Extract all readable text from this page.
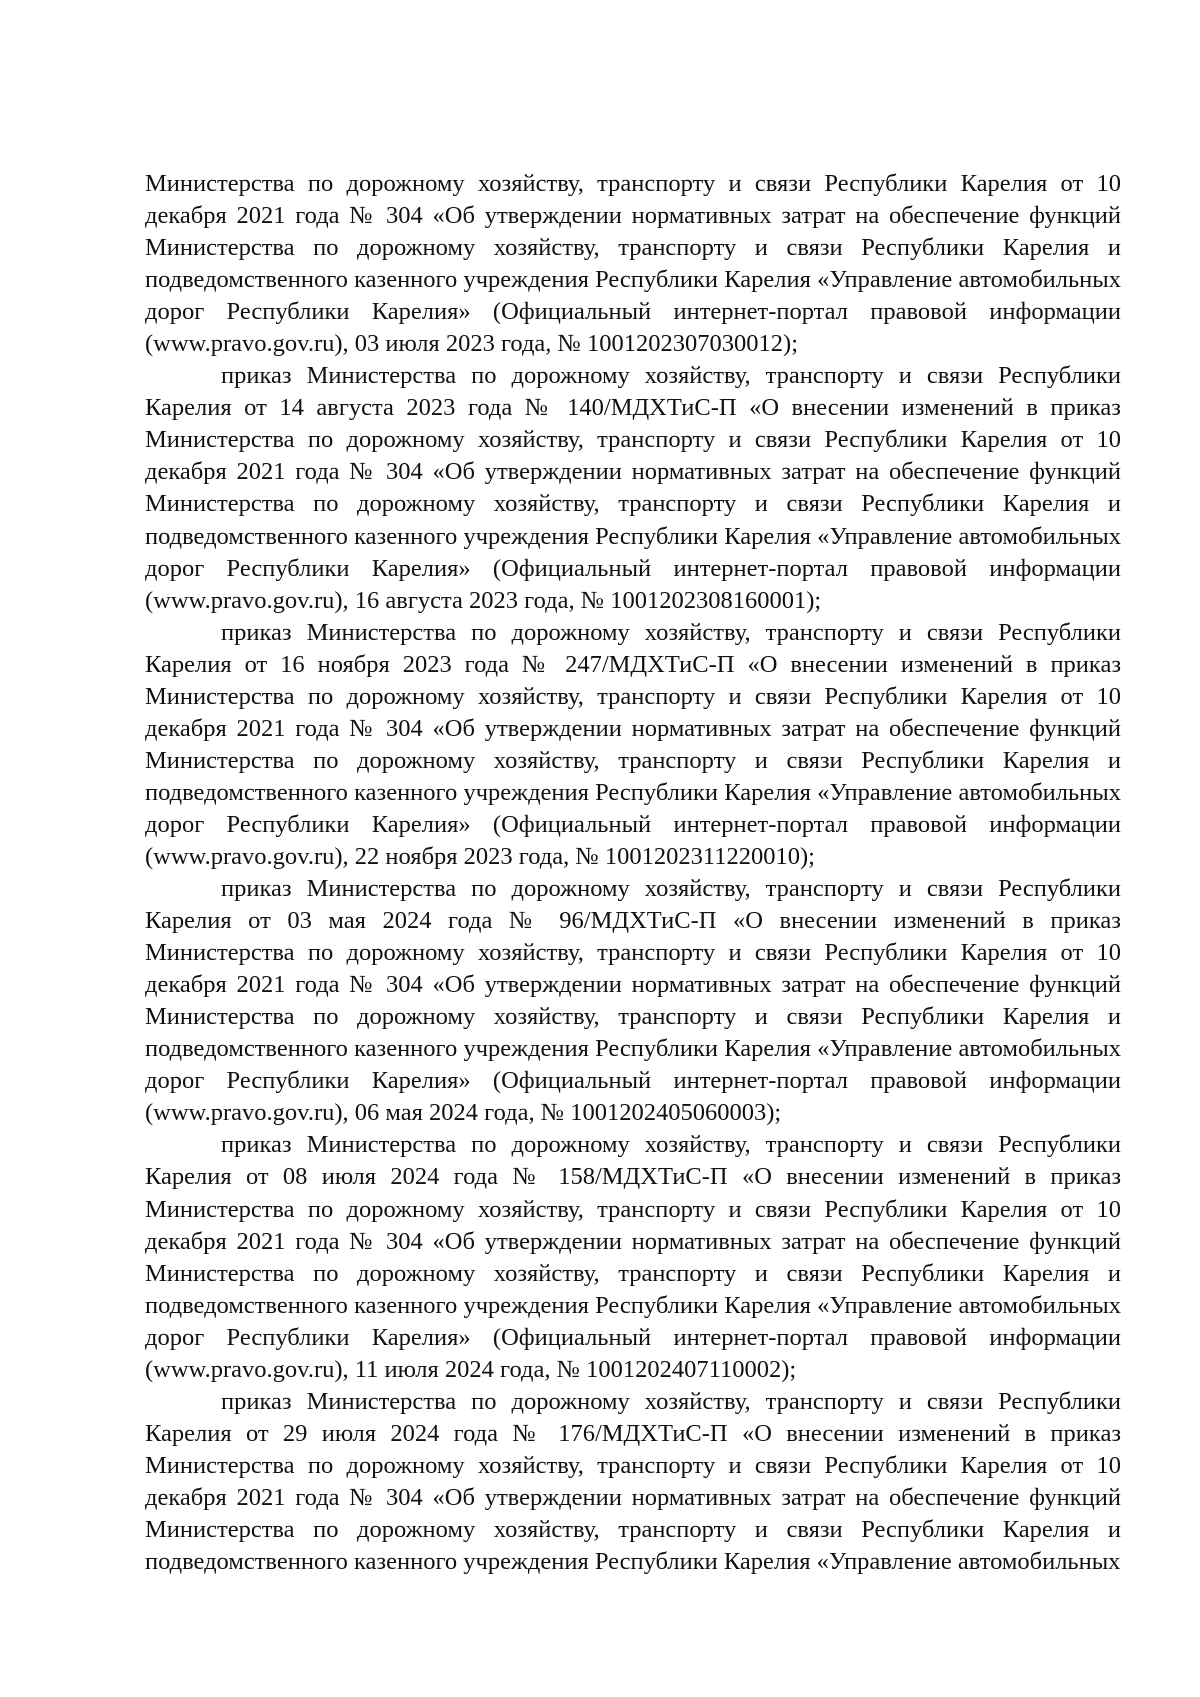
Министерства по дорожному хозяйству, транспорту и связи Республики Карелия от 10 декабря 2021 года № 304 «Об утверждении нормативных затрат на обеспечение функций Министерства по дорожному хозяйству, транспорту и связи Республики Карелия и подведомственного казенного учреждения Республики Карелия «Управление автомобильных дорог Республики Карелия» (Официальный интернет-портал правовой информации (www.pravo.gov.ru), 03 июля 2023 года, № 1001202307030012);

приказ Министерства по дорожному хозяйству, транспорту и связи Республики Карелия от 14 августа 2023 года № 140/МДХТиС-П «О внесении изменений в приказ Министерства по дорожному хозяйству, транспорту и связи Республики Карелия от 10 декабря 2021 года № 304 «Об утверждении нормативных затрат на обеспечение функций Министерства по дорожному хозяйству, транспорту и связи Республики Карелия и подведомственного казенного учреждения Республики Карелия «Управление автомобильных дорог Республики Карелия» (Официальный интернет-портал правовой информации (www.pravo.gov.ru), 16 августа 2023 года, № 1001202308160001);

приказ Министерства по дорожному хозяйству, транспорту и связи Республики Карелия от 16 ноября 2023 года № 247/МДХТиС-П «О внесении изменений в приказ Министерства по дорожному хозяйству, транспорту и связи Республики Карелия от 10 декабря 2021 года № 304 «Об утверждении нормативных затрат на обеспечение функций Министерства по дорожному хозяйству, транспорту и связи Республики Карелия и подведомственного казенного учреждения Республики Карелия «Управление автомобильных дорог Республики Карелия» (Официальный интернет-портал правовой информации (www.pravo.gov.ru), 22 ноября 2023 года, № 1001202311220010);

приказ Министерства по дорожному хозяйству, транспорту и связи Республики Карелия от 03 мая 2024 года № 96/МДХТиС-П «О внесении изменений в приказ Министерства по дорожному хозяйству, транспорту и связи Республики Карелия от 10 декабря 2021 года № 304 «Об утверждении нормативных затрат на обеспечение функций Министерства по дорожному хозяйству, транспорту и связи Республики Карелия и подведомственного казенного учреждения Республики Карелия «Управление автомобильных дорог Республики Карелия» (Официальный интернет-портал правовой информации (www.pravo.gov.ru), 06 мая 2024 года, № 1001202405060003);

приказ Министерства по дорожному хозяйству, транспорту и связи Республики Карелия от 08 июля 2024 года № 158/МДХТиС-П «О внесении изменений в приказ Министерства по дорожному хозяйству, транспорту и связи Республики Карелия от 10 декабря 2021 года № 304 «Об утверждении нормативных затрат на обеспечение функций Министерства по дорожному хозяйству, транспорту и связи Республики Карелия и подведомственного казенного учреждения Республики Карелия «Управление автомобильных дорог Республики Карелия» (Официальный интернет-портал правовой информации (www.pravo.gov.ru), 11 июля 2024 года, № 1001202407110002);

приказ Министерства по дорожному хозяйству, транспорту и связи Республики Карелия от 29 июля 2024 года № 176/МДХТиС-П «О внесении изменений в приказ Министерства по дорожному хозяйству, транспорту и связи Республики Карелия от 10 декабря 2021 года № 304 «Об утверждении нормативных затрат на обеспечение функций Министерства по дорожному хозяйству, транспорту и связи Республики Карелия и подведомственного казенного учреждения Республики Карелия «Управление автомобильных
